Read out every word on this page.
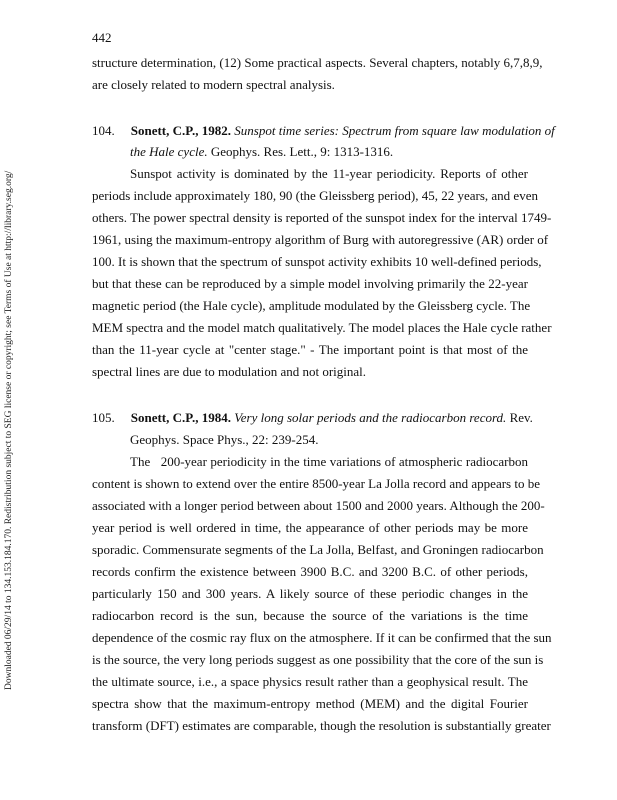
442
Downloaded 06/29/14 to 134.153.184.170. Redistribution subject to SEG license or copyright; see Terms of Use at http://library.seg.org/
structure determination, (12) Some practical aspects. Several chapters, notably 6,7,8,9,
are closely related to modern spectral analysis.
104. Sonett, C.P., 1982. Sunspot time series: Spectrum from square law modulation of
the Hale cycle. Geophys. Res. Lett., 9: 1313-1316.
Sunspot activity is dominated by the 11-year periodicity. Reports of other
periods include approximately 180, 90 (the Gleissberg period), 45, 22 years, and even
others. The power spectral density is reported of the sunspot index for the interval 1749-
1961, using the maximum-entropy algorithm of Burg with autoregressive (AR) order of
100. It is shown that the spectrum of sunspot activity exhibits 10 well-defined periods,
but that these can be reproduced by a simple model involving primarily the 22-year
magnetic period (the Hale cycle), amplitude modulated by the Gleissberg cycle. The
MEM spectra and the model match qualitatively. The model places the Hale cycle rather
than the 11-year cycle at "center stage." - The important point is that most of the
spectral lines are due to modulation and not original.
105. Sonett, C.P., 1984. Very long solar periods and the radiocarbon record. Rev.
Geophys. Space Phys., 22: 239-254.
The   200-year periodicity in the time variations of atmospheric radiocarbon
content is shown to extend over the entire 8500-year La Jolla record and appears to be
associated with a longer period between about 1500 and 2000 years. Although the 200-
year period is well ordered in time, the appearance of other periods may be more
sporadic. Commensurate segments of the La Jolla, Belfast, and Groningen radiocarbon
records confirm the existence between 3900 B.C. and 3200 B.C. of other periods,
particularly 150 and 300 years. A likely source of these periodic changes in the
radiocarbon record is the sun, because the source of the variations is the time
dependence of the cosmic ray flux on the atmosphere. If it can be confirmed that the sun
is the source, the very long periods suggest as one possibility that the core of the sun is
the ultimate source, i.e., a space physics result rather than a geophysical result. The
spectra show that the maximum-entropy method (MEM) and the digital Fourier
transform (DFT) estimates are comparable, though the resolution is substantially greater
